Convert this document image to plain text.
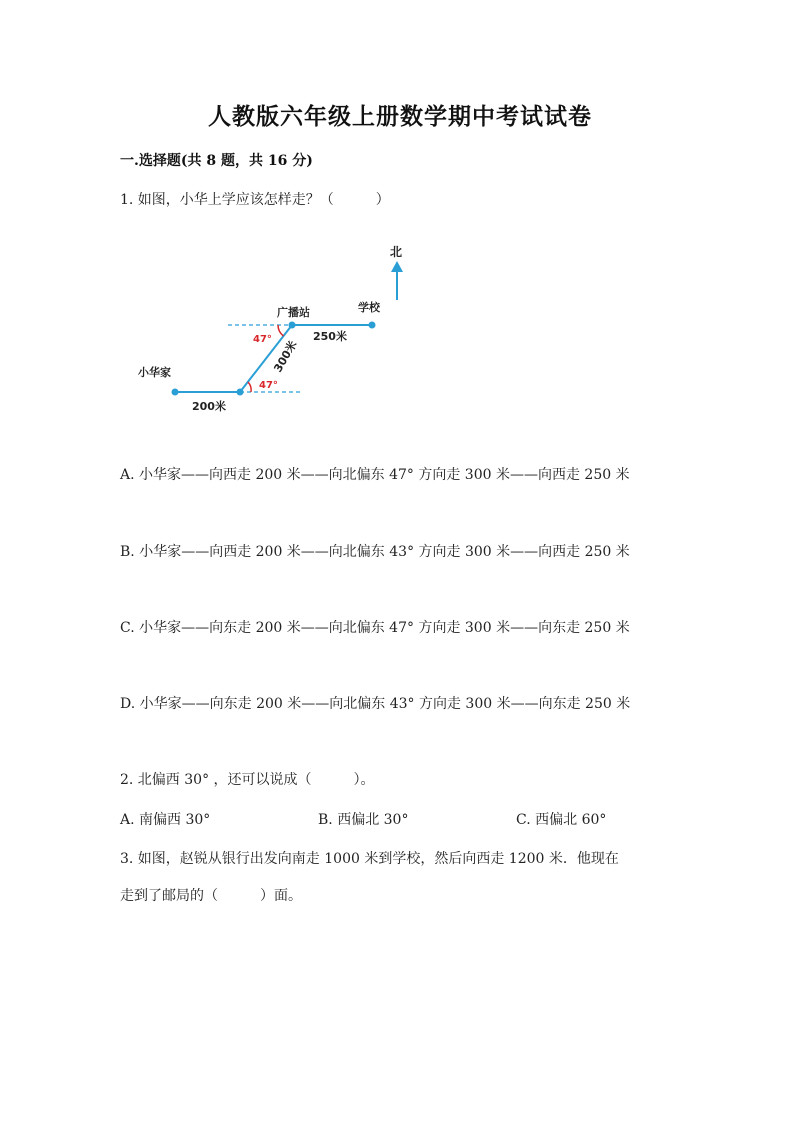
人教版六年级上册数学期中考试试卷
一.选择题(共 8 题，共 16 分)
1. 如图，小华上学应该怎样走？（　　　）
北
47°
47°
广播站	学校
小华家
250米
200米
300米
A. 小华家——向西走 200 米——向北偏东 47° 方向走 300 米——向西走 250 米
B. 小华家——向西走 200 米——向北偏东 43° 方向走 300 米——向西走 250 米
C. 小华家——向东走 200 米——向北偏东 47° 方向走 300 米——向东走 250 米
D. 小华家——向东走 200 米——向北偏东 43° 方向走 300 米——向东走 250 米
2. 北偏西 30° ，还可以说成（　　　）。
A. 南偏西 30°	B. 西偏北 30°	C. 西偏北 60°
3. 如图，赵锐从银行出发向南走 1000 米到学校，然后向西走 1200 米．他现在
走到了邮局的（　　　）面。
